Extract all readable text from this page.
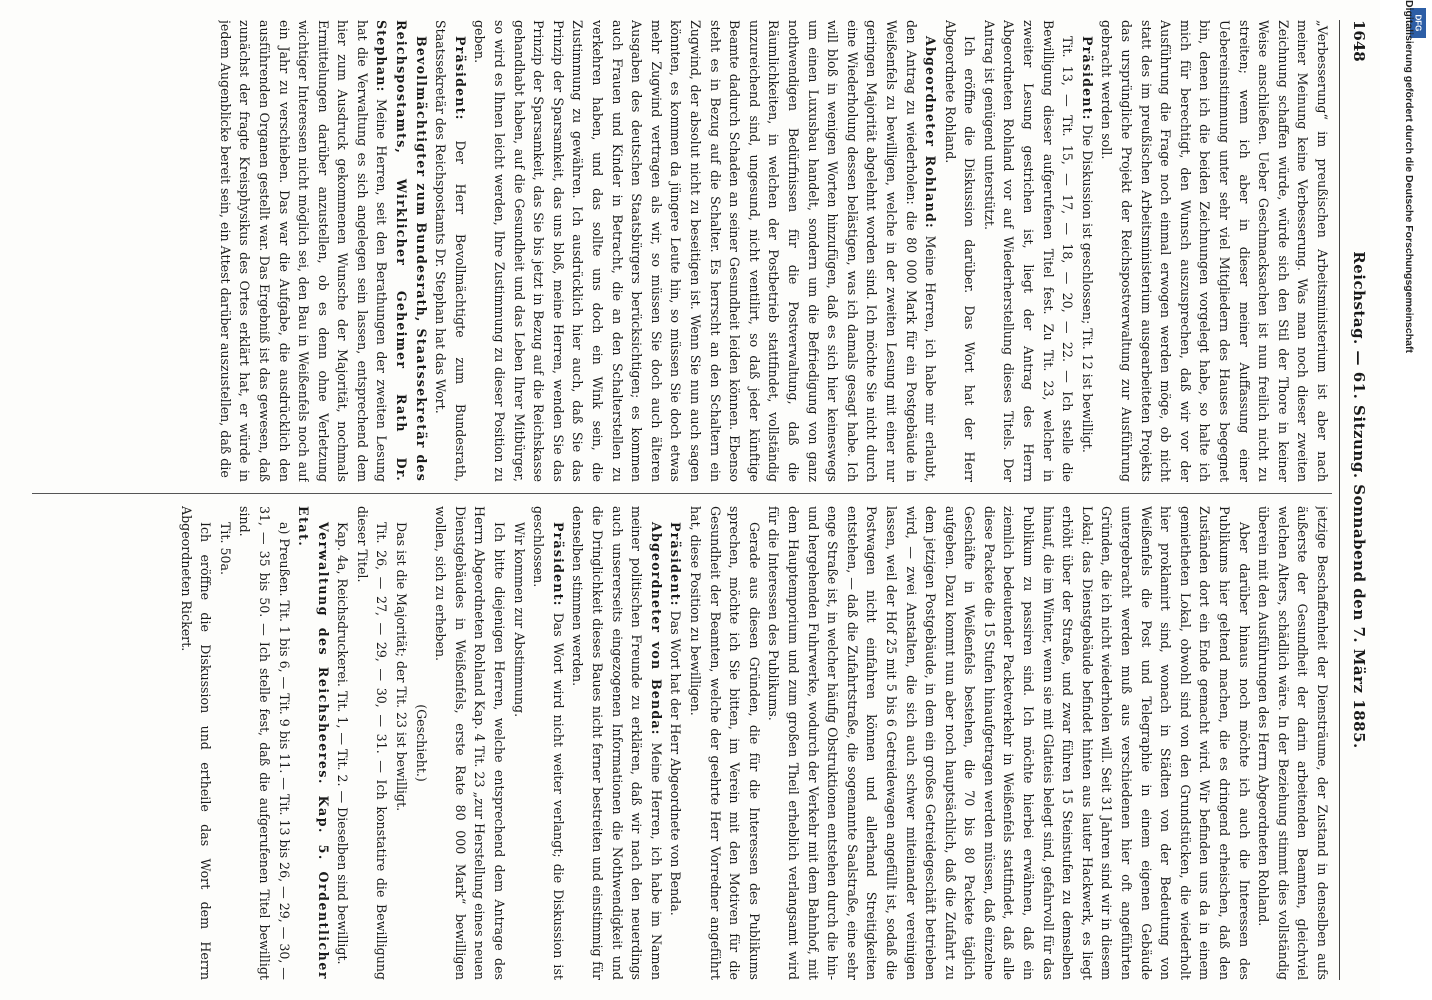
1648
Reichstag. — 61. Sitzung. Sonnabend den 7. März 1885.

„Verbesserung“ im preußischen Arbeitsministerium ist aber nach meiner Meinung keine Verbesserung. Was man noch dieser zweiten Zeichnung schaffen würde, würde sich den Stil der Thore in keiner Weise anschließen. Ueber Geschmacksachen ist nun freilich nicht zu streiten; wenn ich aber in dieser meiner Auffassung einer Uebereinstimmung unter sehr viel Mitgliedern des Hauses begegnet bin, denen ich die beiden Zeichnungen vorgelegt habe, so halte ich mich für berechtigt, den Wunsch auszusprechen, daß wir vor der Ausführung die Frage noch einmal erwogen werden möge, ob nicht statt des im preußischen Arbeitsministerium ausgearbeiteten Projekts das ursprüngliche Projekt der Reichspostverwaltung zur Ausführung gebracht werden soll.

Präsident: Die Diskussion ist geschlossen; Tit. 12 ist bewilligt.

Tit. 13, — Tit. 15, — 17, — 18, — 20, — 22. — Ich stelle die Bewilligung dieser aufgerufenen Titel fest. Zu Tit. 23, welcher in zweiter Lesung gestrichen ist, liegt der Antrag des Herrn Abgeordneten Rohland vor auf Wiederherstellung dieses Titels. Der Antrag ist genügend unterstützt.

Ich eröffne die Diskussion darüber. Das Wort hat der Herr Abgeordnete Rohland.

Abgeordneter Rohland: Meine Herren, ich habe mir erlaubt, den Antrag zu wiederholen: die 80 000 Mark für ein Postgebäude in Weißenfels zu bewilligen, welche in der zweiten Lesung mit einer nur geringen Majorität abgelehnt worden sind. Ich möchte Sie nicht durch eine Wiederholung dessen belästigen, was ich damals gesagt habe. Ich will bloß in wenigen Worten hinzufügen, daß es sich hier keineswegs um einen Luxusbau handelt, sondern um die Befriedigung von ganz nothwendigen Bedürfnissen für die Postverwaltung, daß die Räumlichkeiten, in welchen der Postbetrieb stattfindet, vollständig unzureichend sind, ungesund, nicht ventilirt, so daß jeder künftige Beamte dadurch Schaden an seiner Gesundheit leiden können. Ebenso steht es in Bezug auf die Schalter. Es herrscht an den Schaltern ein Zugwind, der absolut nicht zu beseitigen ist. Wenn Sie nun auch sagen könnten, es kommen da jüngere Leute hin, so müssen Sie doch etwas mehr Zugwind vertragen als wir, so müssen Sie doch auch älteren Ausgaben des deutschen Staatsbürgers berücksichtigen; es kommen auch Frauen und Kinder in Betracht, die an den Schalterstellen zu verkehren haben, und das sollte uns doch ein Wink sein, die Zustimmung zu gewähren. Ich ausdrücklich hier auch, daß Sie das Prinzip der Sparsamkeit, das uns bloß, meine Herren, wenden Sie das Prinzip der Sparsamkeit, das Sie bis jetzt in Bezug auf die Reichskasse gehandhabt haben, auf die Gesundheit und das Leben Ihrer Mitbürger, so wird es Ihnen leicht werden, Ihre Zustimmung zu dieser Position zu geben.

Präsident: Der Herr Bevollmächtigte zum Bundesrath, Staatssekretär des Reichspostamts Dr. Stephan hat das Wort.

Bevollmächtigter zum Bundesrath, Staatssekretär des Reichspostamts, Wirklicher Geheimer Rath Dr. Stephan: Meine Herren, seit den Berathungen der zweiten Lesung hat die Verwaltung es sich angelegen sein lassen, entsprechend dem hier zum Ausdruck gekommenen Wunsche der Majorität, nochmals Ermittelungen darüber anzustellen, ob es denn ohne Verletzung wichtiger Interessen nicht möglich sei, den Bau in Weißenfels noch auf ein Jahr zu verschieben. Das war die Aufgabe, die ausdrücklich den ausführenden Organen gestellt war. Das Ergebniß ist das gewesen, daß zunächst der fragte Kreisphysikus des Ortes erklärt hat, er würde in jedem Augenblicke bereit sein, ein Attest darüber auszustellen, daß die

jetzige Beschaffenheit der Diensträume, der Zustand in denselben aufs äußerste der Gesundheit der darin arbeitenden Beamten, gleichviel welchen Alters, schädlich wäre. In der Beziehung stimmt dies vollständig überein mit den Ausführungen des Herrn Abgeordneten Rohland.

Aber darüber hinaus noch möchte ich auch die Interessen des Publikums hier geltend machen, die es dringend erheischen, daß den Zuständen dort ein Ende gemacht wird. Wir befinden uns da in einem gemietheten Lokal, obwohl sind von den Grundstücken, die wiederholt hier proklamirt sind, wonach in Städten von der Bedeutung von Weißenfels die Post und Telegraphie in einem eigenen Gebäude untergebracht werden muß aus verschiedenen hier oft angeführten Gründen, die ich nicht wiederholen will. Seit 31 Jahren sind wir in diesem Lokal; das Dienstgebäude befindet hinten aus lauter Hackwerk, es liegt erhöht über der Straße, und zwar führen 15 Steinstufen zu demselben hinauf, die im Winter, wenn sie mit Glatteis belegt sind, gefahrvoll für das Publikum zu passiren sind. Ich möchte hierbei erwähnen, daß ein ziemlich bedeutender Packetverkehr in Weißenfels stattfindet, daß alle diese Packete die 15 Stufen hinaufgetragen werden müssen, daß einzelne Geschäfte in Weißenfels bestehen, die 70 bis 80 Packete täglich aufgeben. Dazu kommt nun aber noch hauptsächlich, daß die Zufahrt zu dem jetzigen Postgebäude, in dem ein großes Getreidegeschäft betrieben wird, — zwei Anstalten, die sich auch schwer miteinander vereinigen lassen, weil der Hof 25 mit 5 bis 6 Getreidewagen angefüllt ist, sodaß die Postwagen nicht einfahren können und allerhand Streitigkeiten entstehen, — daß die Zufahrtstraße, die sogenannte Saalstraße, eine sehr enge Straße ist, in welcher häufig Obstruktionen entstehen durch die hin- und hergehenden Fuhrwerke, wodurch der Verkehr mit dem Bahnhof, mit dem Hauptemporium und zum großen Theil erheblich verlangsamt wird für die Interessen des Publikums.

Gerade aus diesen Gründen, die für die Interessen des Publikums sprechen, möchte ich Sie bitten, im Verein mit den Motiven für die Gesundheit der Beamten, welche der geehrte Herr Vorredner angeführt hat, diese Position zu bewilligen.

Präsident: Das Wort hat der Herr Abgeordnete von Benda.

Abgeordneter von Benda: Meine Herren, ich habe im Namen meiner politischen Freunde zu erklären, daß wir nach den neuerdings auch unsererseits eingezogenen Informationen die Nothwendigkeit und die Dringlichkeit dieses Baues nicht ferner bestreiten und einstimmig für denselben stimmen werden.

Präsident: Das Wort wird nicht weiter verlangt; die Diskussion ist geschlossen.

Wir kommen zur Abstimmung.

Ich bitte diejenigen Herren, welche entsprechend dem Antrage des Herrn Abgeordneten Rohland Kap. 4 Tit. 23 „zur Herstellung eines neuen Dienstgebäudes in Weißenfels, erste Rate 80 000 Mark“ bewilligen wollen, sich zu erheben.

(Geschieht.)

Das ist die Majorität; der Tit. 23 ist bewilligt.

Tit. 26, — 27, — 29, — 30, — 31. — Ich konstatire die Bewilligung dieser Titel.

Kap. 4a, Reichsdruckerei. Tit. 1, — Tit. 2. — Dieselben sind bewilligt.

Verwaltung des Reichsheeres. Kap. 5. Ordentlicher Etat.

a) Preußen. Tit. 1 bis 6, — Tit. 9 bis 11. — Tit. 13 bis 26, — 29, — 30, — 31, — 35 bis 50. — Ich stelle fest, daß die aufgerufenen Titel bewilligt sind.

Tit. 50a.

Ich eröffne die Diskussion und ertheile das Wort dem Herrn Abgeordneten Rickert.

DFG
Digitalisierung gefördert durch die Deutsche Forschungsgemeinschaft
